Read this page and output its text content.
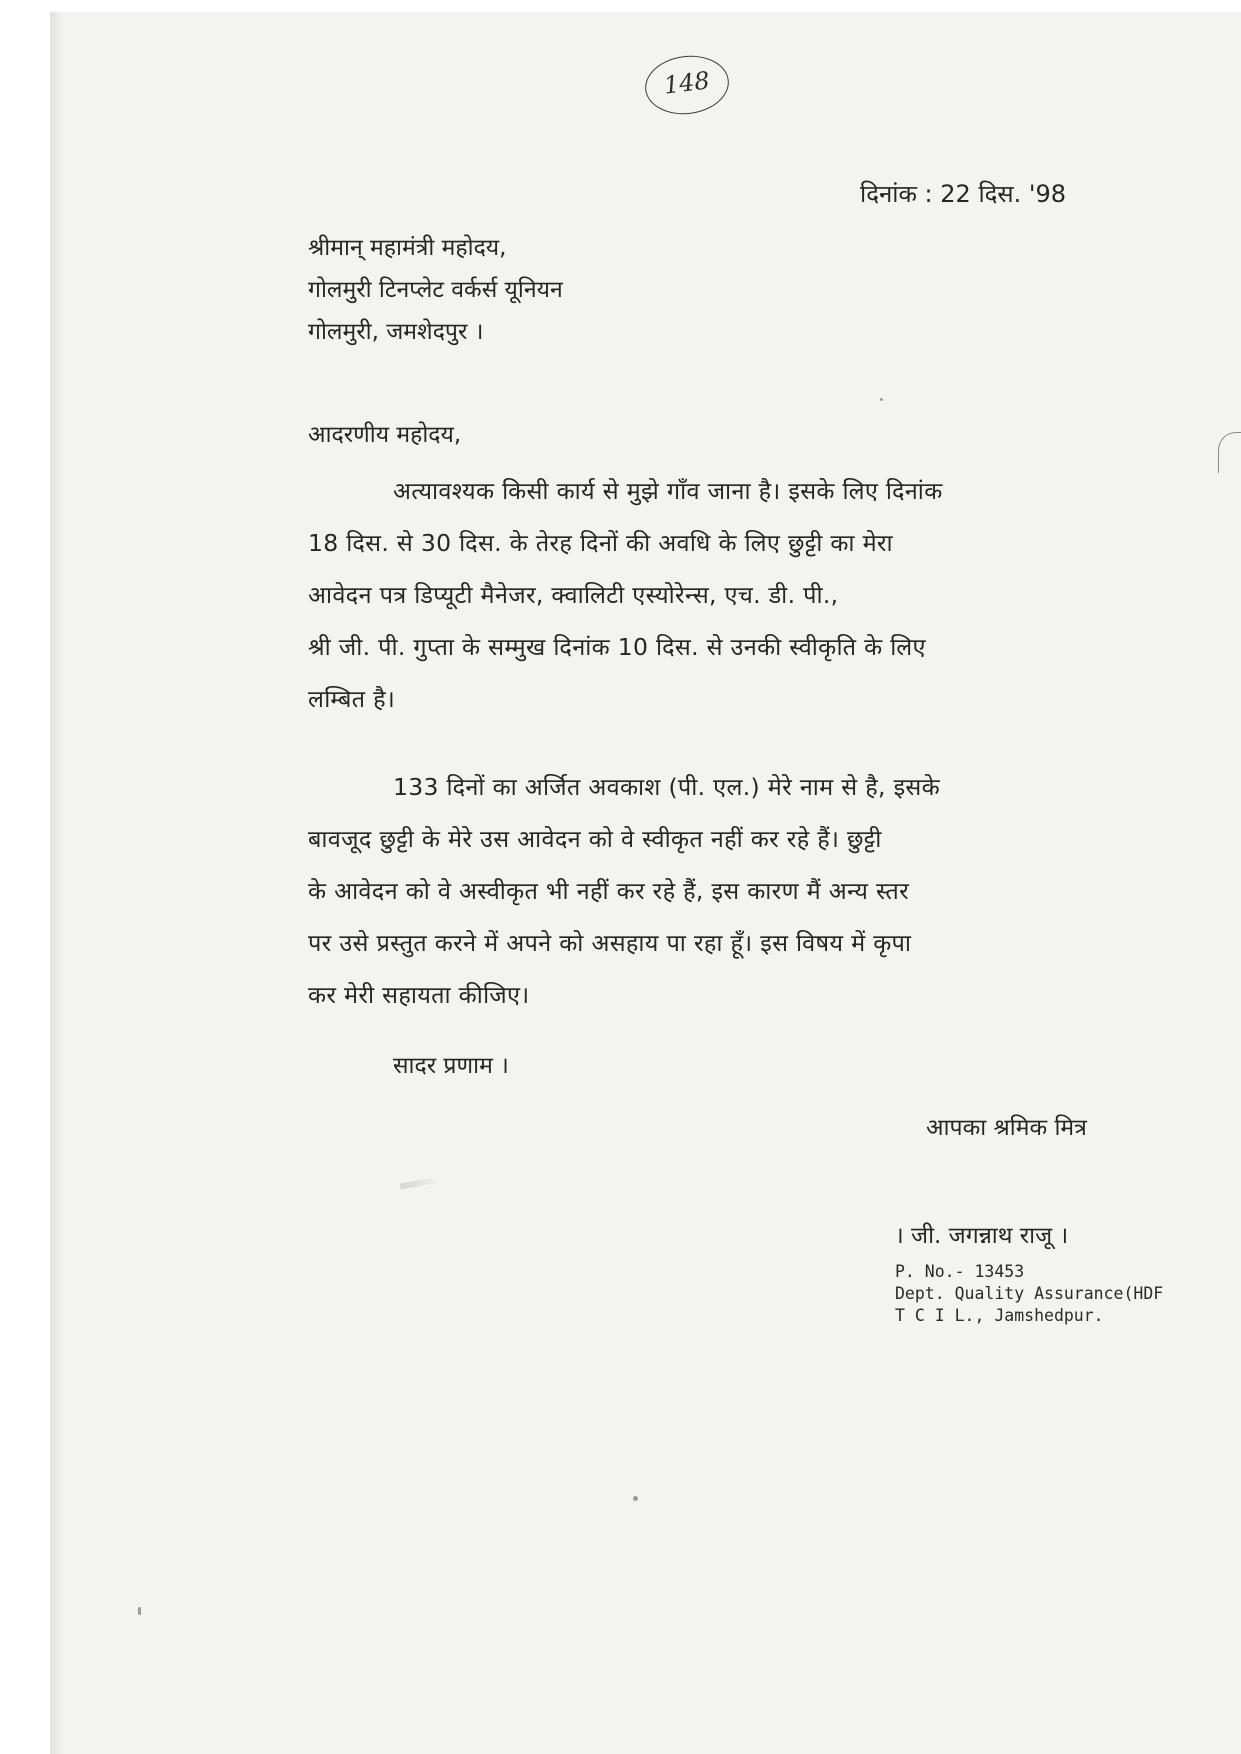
148
दिनांक : 22 दिस. '98
श्रीमान् महामंत्री महोदय,
गोलमुरी टिनप्लेट वर्कर्स यूनियन
गोलमुरी, जमशेदपुर ।
आदरणीय महोदय,
अत्यावश्यक किसी कार्य से मुझे गाँव जाना है। इसके लिए दिनांक
18 दिस. से 30 दिस. के तेरह दिनों की अवधि के लिए छुट्टी का मेरा
आवेदन पत्र डिप्यूटी मैनेजर, क्वालिटी एस्योरेन्स, एच. डी. पी.,
श्री जी. पी. गुप्ता के सम्मुख दिनांक 10 दिस. से उनकी स्वीकृति के लिए
लम्बित है।
133 दिनों का अर्जित अवकाश (पी. एल.) मेरे नाम से है, इसके
बावजूद छुट्टी के मेरे उस आवेदन को वे स्वीकृत नहीं कर रहे हैं। छुट्टी
के आवेदन को वे अस्वीकृत भी नहीं कर रहे हैं, इस कारण मैं अन्य स्तर
पर उसे प्रस्तुत करने में अपने को असहाय पा रहा हूँ। इस विषय में कृपा
कर मेरी सहायता कीजिए।
सादर प्रणाम ।
आपका श्रमिक मित्र
। जी. जगन्नाथ राजू ।
P. No.- 13453
Dept. Quality Assurance(HDF
T C I L., Jamshedpur.
